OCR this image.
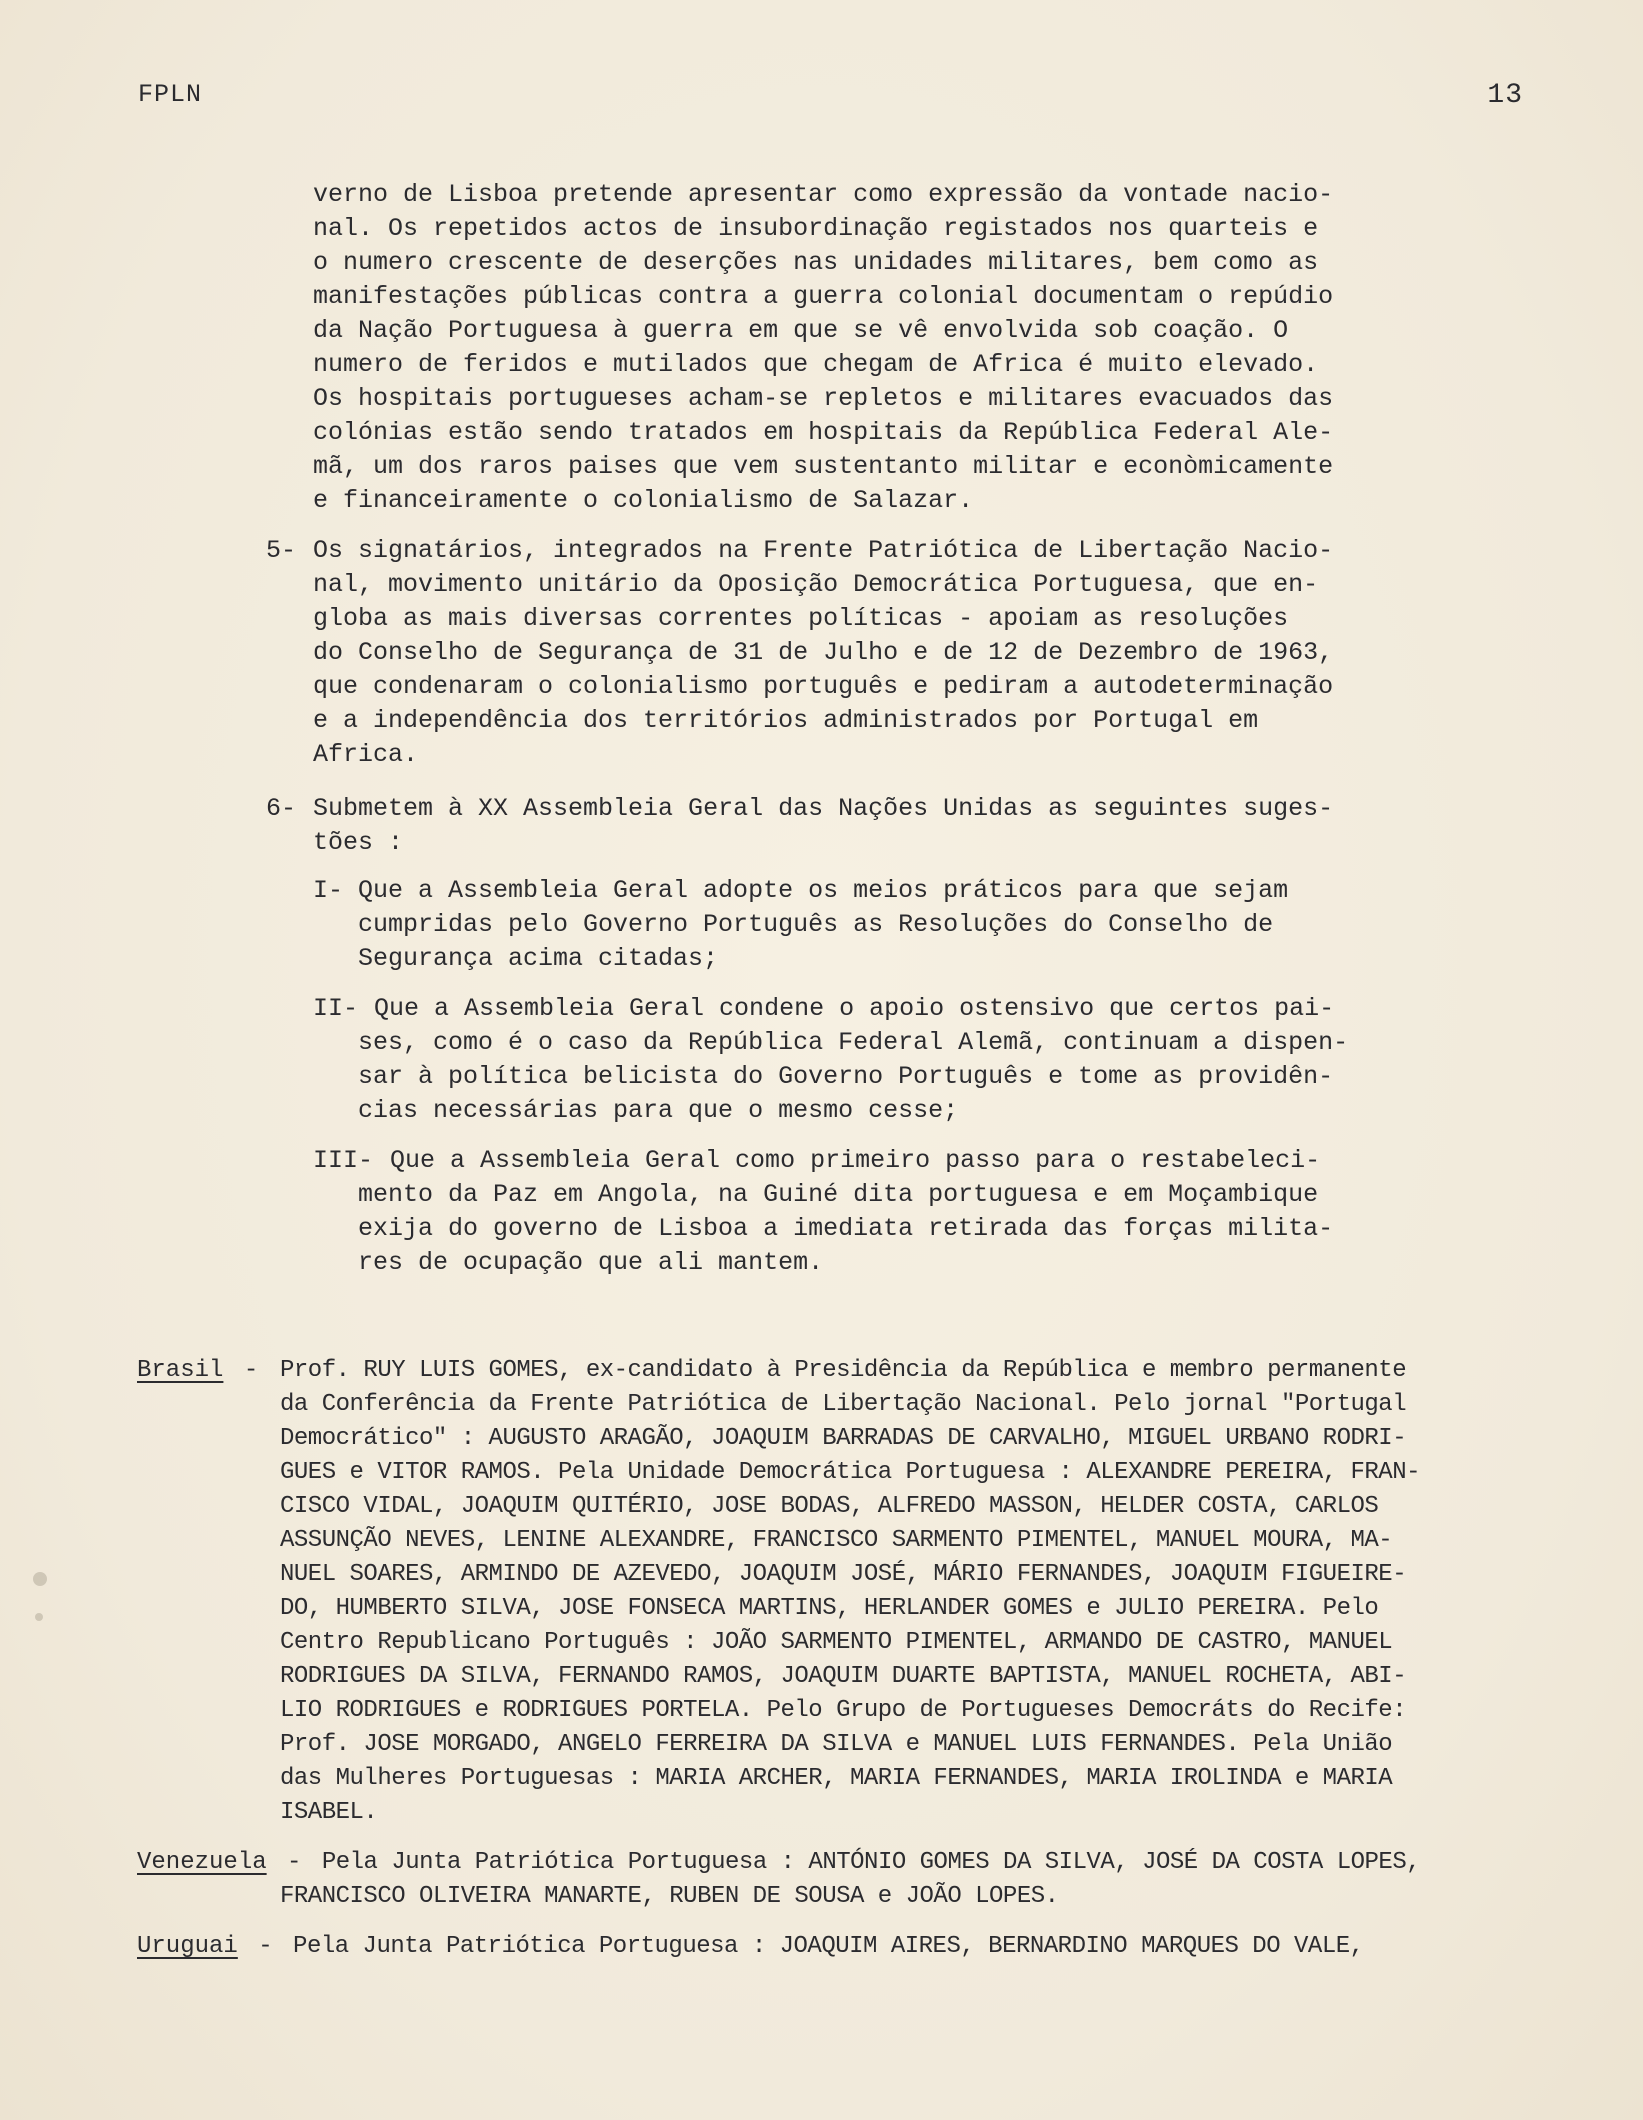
FPLN	13

verno de Lisboa pretende apresentar como expressão da vontade nacio-

nal. Os repetidos actos de insubordinação registados nos quarteis e

o numero crescente de deserções nas unidades militares, bem como as

manifestações públicas contra a guerra colonial documentam o repúdio

da Nação Portuguesa à guerra em que se vê envolvida sob coação. O

numero de feridos e mutilados que chegam de Africa é muito elevado.

Os hospitais portugueses acham-se repletos e militares evacuados das

colónias estão sendo tratados em hospitais da República Federal Ale-

mã, um dos raros paises que vem sustentanto militar e econòmicamente

e financeiramente o colonialismo de Salazar.

5- Os signatários, integrados na Frente Patriótica de Libertação Nacio-

nal, movimento unitário da Oposição Democrática Portuguesa, que en-

globa as mais diversas correntes políticas - apoiam as resoluções

do Conselho de Segurança de 31 de Julho e de 12 de Dezembro de 1963,

que condenaram o colonialismo português e pediram a autodeterminação

e a independência dos territórios administrados por Portugal em

Africa.

6- Submetem à XX Assembleia Geral das Nações Unidas as seguintes suges-

tões :

I- Que a Assembleia Geral adopte os meios práticos para que sejam

cumpridas pelo Governo Português as Resoluções do Conselho de

Segurança acima citadas;

II- Que a Assembleia Geral condene o apoio ostensivo que certos pai-

ses, como é o caso da República Federal Alemã, continuam a dispen-

sar à política belicista do Governo Português e tome as providên-

cias necessárias para que o mesmo cesse;

III- Que a Assembleia Geral como primeiro passo para o restabeleci-

mento da Paz em Angola, na Guiné dita portuguesa e em Moçambique

exija do governo de Lisboa a imediata retirada das forças milita-

res de ocupação que ali mantem.

Brasil - Prof. RUY LUIS GOMES, ex-candidato à Presidência da República e membro permanente

da Conferência da Frente Patriótica de Libertação Nacional. Pelo jornal "Portugal

Democrático" : AUGUSTO ARAGÃO, JOAQUIM BARRADAS DE CARVALHO, MIGUEL URBANO RODRI-

GUES e VITOR RAMOS. Pela Unidade Democrática Portuguesa : ALEXANDRE PEREIRA, FRAN-

CISCO VIDAL, JOAQUIM QUITÉRIO, JOSE BODAS, ALFREDO MASSON, HELDER COSTA, CARLOS

ASSUNÇÃO NEVES, LENINE ALEXANDRE, FRANCISCO SARMENTO PIMENTEL, MANUEL MOURA, MA-

NUEL SOARES, ARMINDO DE AZEVEDO, JOAQUIM JOSÉ, MÁRIO FERNANDES, JOAQUIM FIGUEIRE-

DO, HUMBERTO SILVA, JOSE FONSECA MARTINS, HERLANDER GOMES e JULIO PEREIRA. Pelo

Centro Republicano Português : JOÃO SARMENTO PIMENTEL, ARMANDO DE CASTRO, MANUEL

RODRIGUES DA SILVA, FERNANDO RAMOS, JOAQUIM DUARTE BAPTISTA, MANUEL ROCHETA, ABI-

LIO RODRIGUES e RODRIGUES PORTELA. Pelo Grupo de Portugueses Democráts do Recife:

Prof. JOSE MORGADO, ANGELO FERREIRA DA SILVA e MANUEL LUIS FERNANDES. Pela União

das Mulheres Portuguesas : MARIA ARCHER, MARIA FERNANDES, MARIA IROLINDA e MARIA

ISABEL.

Venezuela - Pela Junta Patriótica Portuguesa : ANTÓNIO GOMES DA SILVA, JOSÉ DA COSTA LOPES,

FRANCISCO OLIVEIRA MANARTE, RUBEN DE SOUSA e JOÃO LOPES.

Uruguai - Pela Junta Patriótica Portuguesa : JOAQUIM AIRES, BERNARDINO MARQUES DO VALE,
